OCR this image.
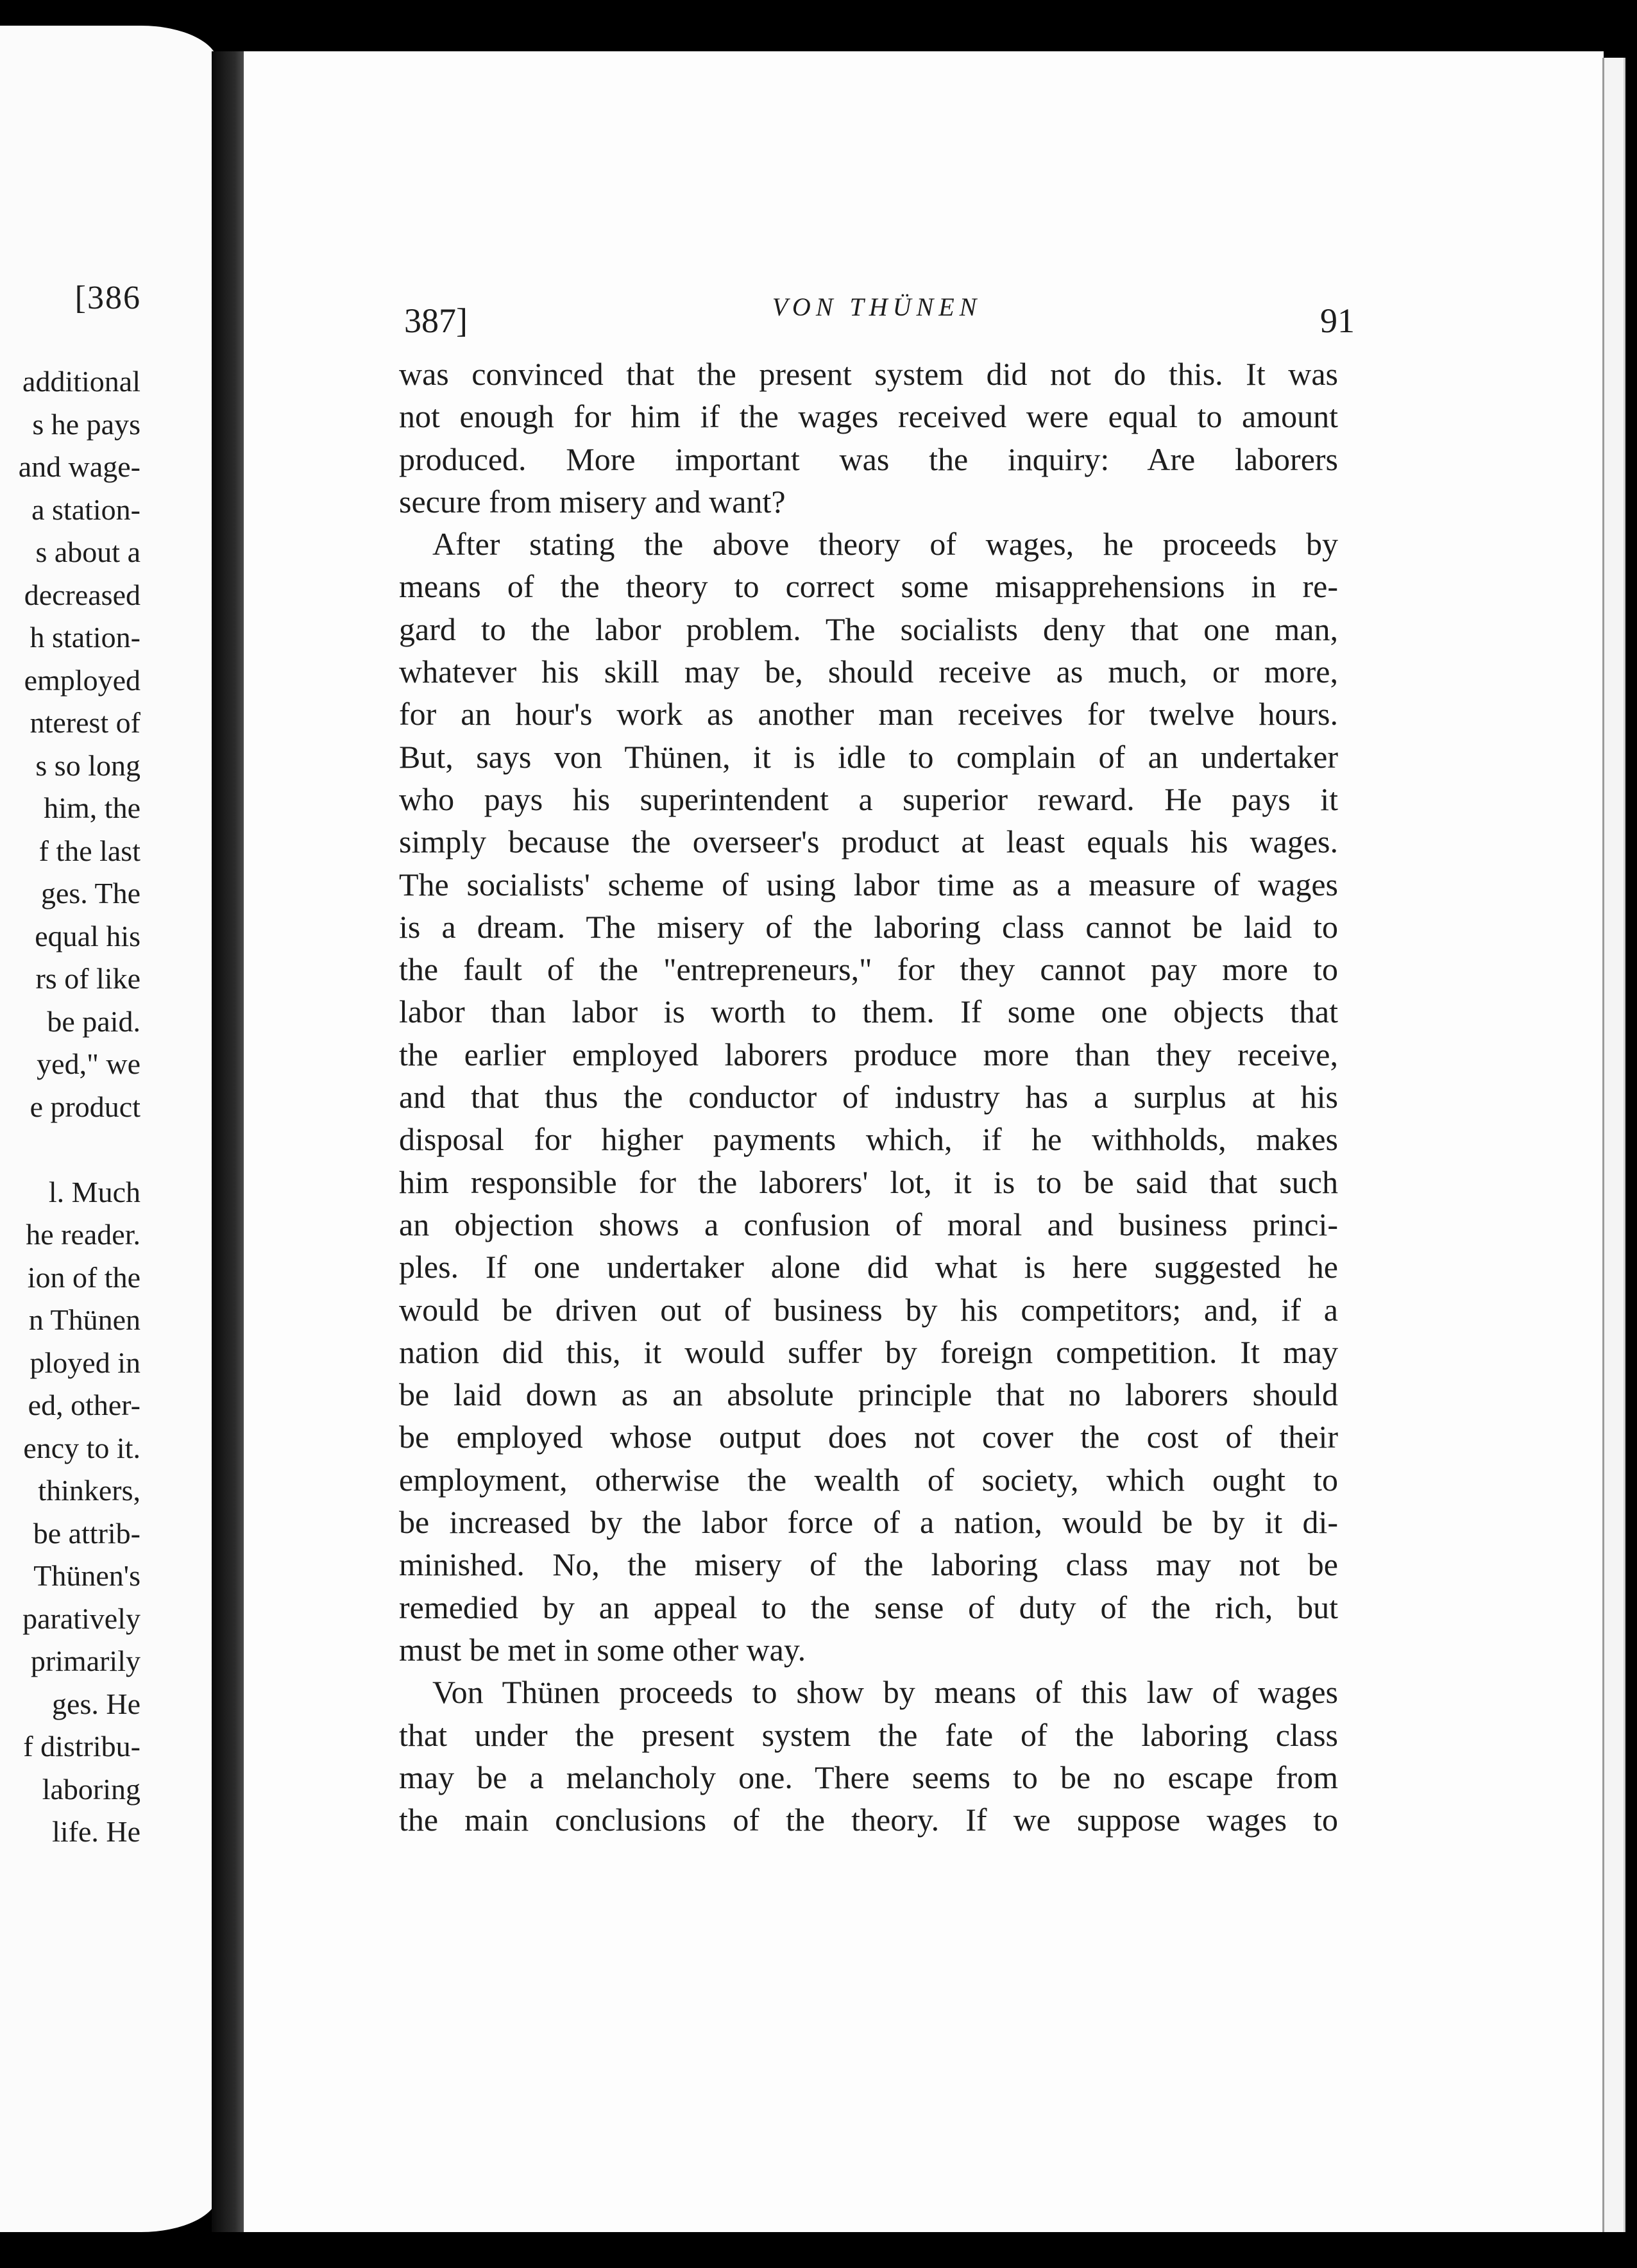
[386
additional
s he pays
and wage-
a station-
s about a
decreased
h station-
employed
nterest of
s so long
him, the
f the last
ges. The
equal his
rs of like
be paid.
yed," we
e product
l. Much
he reader.
ion of the
n Thünen
ployed in
ed, other-
ency to it.
thinkers,
be attrib-
Thünen's
paratively
primarily
ges. He
f distribu-
laboring
life. He
387]	VON THÜNEN	91
was convinced that the present system did not do this. It was
not enough for him if the wages received were equal to amount
produced. More important was the inquiry: Are laborers
secure from misery and want?
After stating the above theory of wages, he proceeds by
means of the theory to correct some misapprehensions in re-
gard to the labor problem. The socialists deny that one man,
whatever his skill may be, should receive as much, or more,
for an hour's work as another man receives for twelve hours.
But, says von Thünen, it is idle to complain of an undertaker
who pays his superintendent a superior reward. He pays it
simply because the overseer's product at least equals his wages.
The socialists' scheme of using labor time as a measure of wages
is a dream. The misery of the laboring class cannot be laid to
the fault of the "entrepreneurs," for they cannot pay more to
labor than labor is worth to them. If some one objects that
the earlier employed laborers produce more than they receive,
and that thus the conductor of industry has a surplus at his
disposal for higher payments which, if he withholds, makes
him responsible for the laborers' lot, it is to be said that such
an objection shows a confusion of moral and business princi-
ples. If one undertaker alone did what is here suggested he
would be driven out of business by his competitors; and, if a
nation did this, it would suffer by foreign competition. It may
be laid down as an absolute principle that no laborers should
be employed whose output does not cover the cost of their
employment, otherwise the wealth of society, which ought to
be increased by the labor force of a nation, would be by it di-
minished. No, the misery of the laboring class may not be
remedied by an appeal to the sense of duty of the rich, but
must be met in some other way.
Von Thünen proceeds to show by means of this law of wages
that under the present system the fate of the laboring class
may be a melancholy one. There seems to be no escape from
the main conclusions of the theory. If we suppose wages to
